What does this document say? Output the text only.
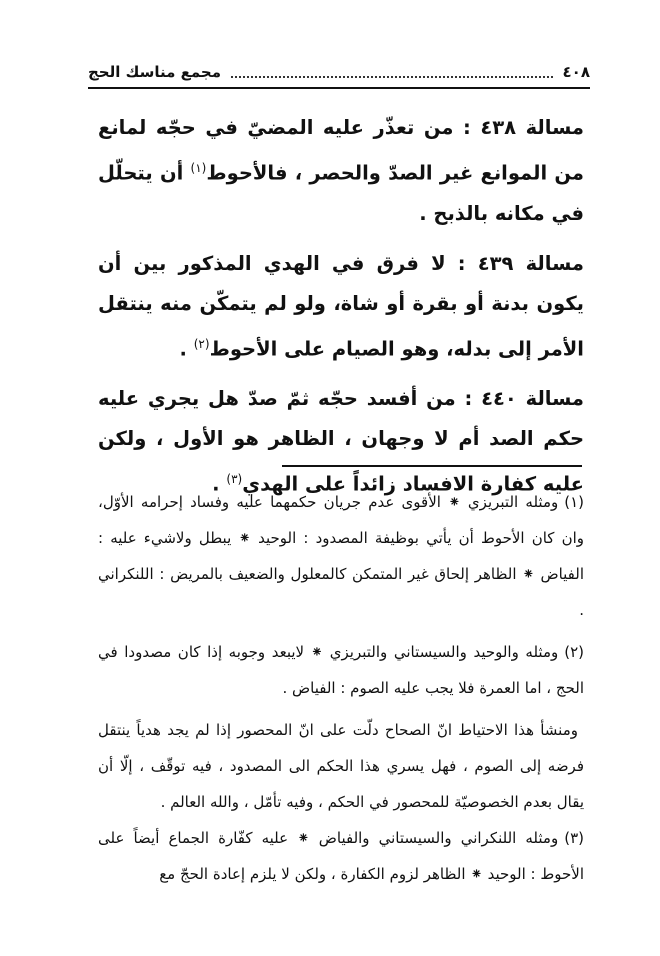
٤٠٨
مجمع مناسك الحج

مسالة ٤٣٨ : من تعذّر عليه المضيّ في حجّه لمانع من الموانع غير الصدّ والحصر ، فالأحوط$^{(١)}$ أن يتحلّل في مكانه بالذبح .

مسالة ٤٣٩ : لا فرق في الهدي المذكور بين أن يكون بدنة أو بقرة أو شاة، ولو لم يتمكّن منه ينتقل الأمر إلى بدله، وهو الصيام على الأحوط$^{(٢)}$ .

مسالة ٤٤٠ : من أفسد حجّه ثمّ صدّ هل يجري عليه حكم الصد أم لا وجهان ، الظاهر هو الأول ، ولكن عليه كفارة الافساد زائداً على الهدي$^{(٣)}$ .

(١)ومثله التبريزي ⁕ الأقوى عدم جريان حكمهما عليه وفساد إحرامه الأوّل، وان كان الأحوط أن يأتي بوظيفة المصدود : الوحيد ⁕ يبطل ولاشيء عليه : الفياض ⁕ الظاهر إلحاق غير المتمكن كالمعلول والضعيف بالمريض : اللنكراني .

(٢)ومثله والوحيد والسيستاني والتبريزي ⁕ لايبعد وجوبه إذا كان مصدودا في الحج ، اما العمرة فلا يجب عليه الصوم : الفياض .

ومنشأ هذا الاحتياط انّ الصحاح دلّت على انّ المحصور إذا لم يجد هدياً ينتقل فرضه إلى الصوم ، فهل يسري هذا الحكم الى المصدود ، فيه توقّف ، إلّا أن يقال بعدم الخصوصيّة للمحصور في الحكم ، وفيه تأمّل ، والله العالم .

(٣)ومثله اللنكراني والسيستاني والفياض ⁕ عليه كفّارة الجماع أيضاً على الأحوط : الوحيد ⁕ الظاهر لزوم الكفارة ، ولكن لا يلزم إعادة الحجّ مع
